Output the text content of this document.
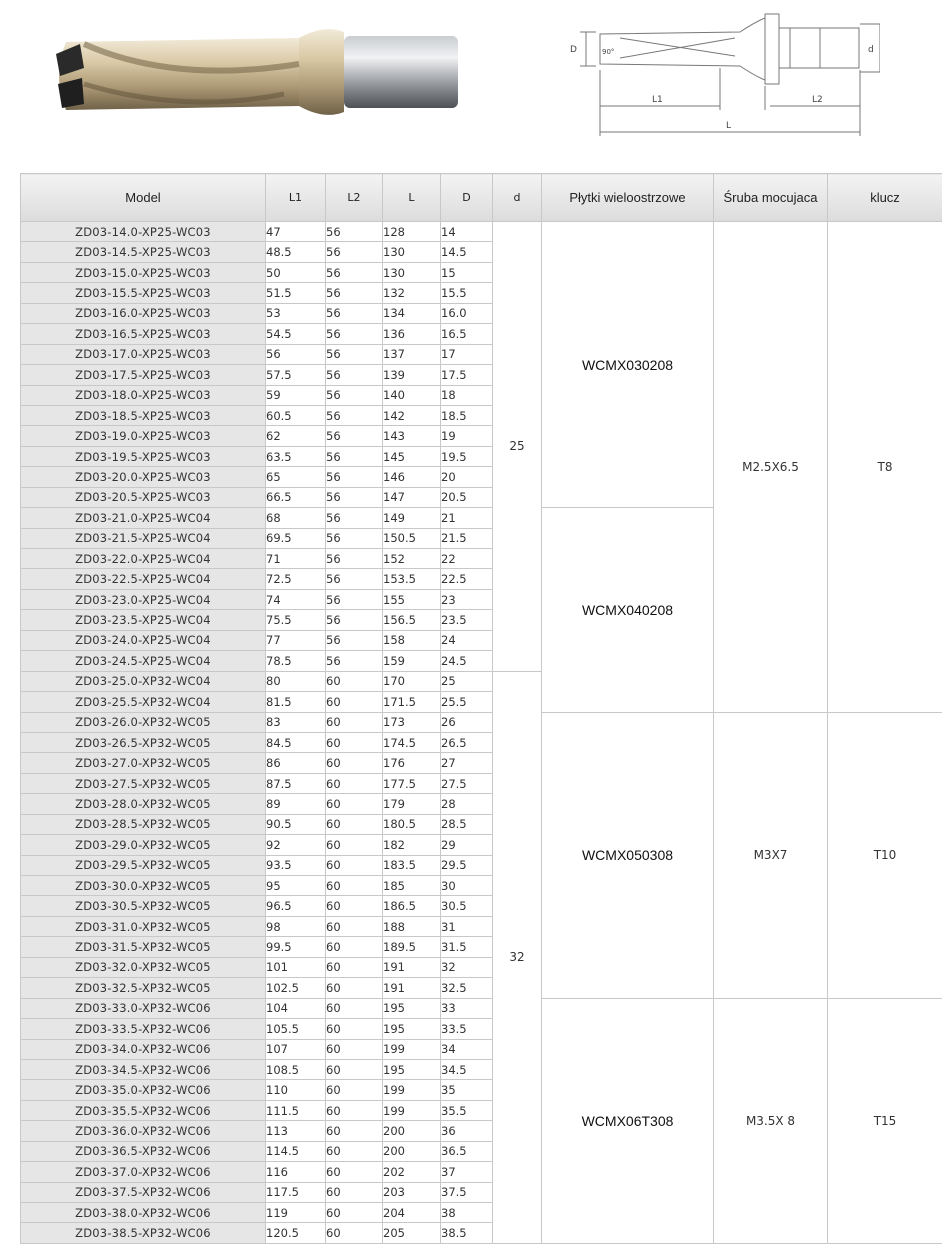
D	90°	d
L1	L2
L
Model	L1	L2	L	D	d	Płytki wieloostrzowe	Śruba mocujaca	klucz
ZD03-14.0-XP25-WC03	47	56	128	14	25	WCMX030208	M2.5X6.5	T8
ZD03-14.5-XP25-WC03	48.5	56	130	14.5				
ZD03-15.0-XP25-WC03	50	56	130	15				
ZD03-15.5-XP25-WC03	51.5	56	132	15.5				
ZD03-16.0-XP25-WC03	53	56	134	16.0				
ZD03-16.5-XP25-WC03	54.5	56	136	16.5				
ZD03-17.0-XP25-WC03	56	56	137	17				
ZD03-17.5-XP25-WC03	57.5	56	139	17.5				
ZD03-18.0-XP25-WC03	59	56	140	18				
ZD03-18.5-XP25-WC03	60.5	56	142	18.5				
ZD03-19.0-XP25-WC03	62	56	143	19				
ZD03-19.5-XP25-WC03	63.5	56	145	19.5				
ZD03-20.0-XP25-WC03	65	56	146	20				
ZD03-20.5-XP25-WC03	66.5	56	147	20.5				
ZD03-21.0-XP25-WC04	68	56	149	21		WCMX040208		
ZD03-21.5-XP25-WC04	69.5	56	150.5	21.5				
ZD03-22.0-XP25-WC04	71	56	152	22				
ZD03-22.5-XP25-WC04	72.5	56	153.5	22.5				
ZD03-23.0-XP25-WC04	74	56	155	23				
ZD03-23.5-XP25-WC04	75.5	56	156.5	23.5				
ZD03-24.0-XP25-WC04	77	56	158	24				
ZD03-24.5-XP25-WC04	78.5	56	159	24.5				
ZD03-25.0-XP32-WC04	80	60	170	25	32			
ZD03-25.5-XP32-WC04	81.5	60	171.5	25.5				
ZD03-26.0-XP32-WC05	83	60	173	26		WCMX050308	M3X7	T10
ZD03-26.5-XP32-WC05	84.5	60	174.5	26.5				
ZD03-27.0-XP32-WC05	86	60	176	27				
ZD03-27.5-XP32-WC05	87.5	60	177.5	27.5				
ZD03-28.0-XP32-WC05	89	60	179	28				
ZD03-28.5-XP32-WC05	90.5	60	180.5	28.5				
ZD03-29.0-XP32-WC05	92	60	182	29				
ZD03-29.5-XP32-WC05	93.5	60	183.5	29.5				
ZD03-30.0-XP32-WC05	95	60	185	30				
ZD03-30.5-XP32-WC05	96.5	60	186.5	30.5				
ZD03-31.0-XP32-WC05	98	60	188	31				
ZD03-31.5-XP32-WC05	99.5	60	189.5	31.5				
ZD03-32.0-XP32-WC05	101	60	191	32				
ZD03-32.5-XP32-WC05	102.5	60	191	32.5				
ZD03-33.0-XP32-WC06	104	60	195	33		WCMX06T308	M3.5X 8	T15
ZD03-33.5-XP32-WC06	105.5	60	195	33.5				
ZD03-34.0-XP32-WC06	107	60	199	34				
ZD03-34.5-XP32-WC06	108.5	60	195	34.5				
ZD03-35.0-XP32-WC06	110	60	199	35				
ZD03-35.5-XP32-WC06	111.5	60	199	35.5				
ZD03-36.0-XP32-WC06	113	60	200	36				
ZD03-36.5-XP32-WC06	114.5	60	200	36.5				
ZD03-37.0-XP32-WC06	116	60	202	37				
ZD03-37.5-XP32-WC06	117.5	60	203	37.5				
ZD03-38.0-XP32-WC06	119	60	204	38				
ZD03-38.5-XP32-WC06	120.5	60	205	38.5				
